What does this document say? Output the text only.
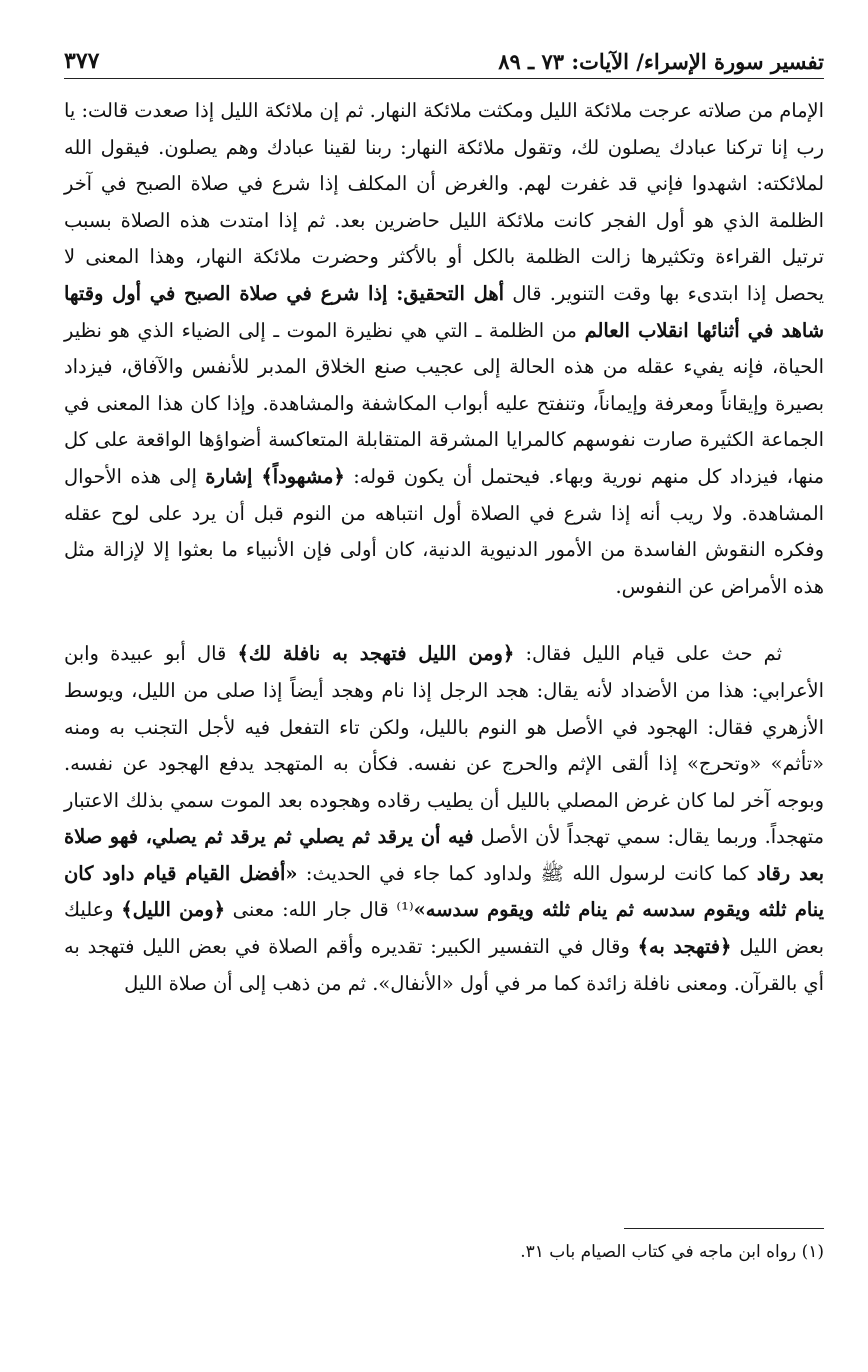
تفسير سورة الإسراء/ الآيات: ٧٣ ـ ٨٩
٣٧٧

الإمام من صلاته عرجت ملائكة الليل ومكثت ملائكة النهار. ثم إن ملائكة الليل إذا صعدت قالت: يا رب إنا تركنا عبادك يصلون لك، وتقول ملائكة النهار: ربنا لقينا عبادك وهم يصلون. فيقول الله لملائكته: اشهدوا فإني قد غفرت لهم. والغرض أن المكلف إذا شرع في صلاة الصبح في آخر الظلمة الذي هو أول الفجر كانت ملائكة الليل حاضرين بعد. ثم إذا امتدت هذه الصلاة بسبب ترتيل القراءة وتكثيرها زالت الظلمة بالكل أو بالأكثر وحضرت ملائكة النهار، وهذا المعنى لا يحصل إذا ابتدىء بها وقت التنوير. قال أهل التحقيق: إذا شرع في صلاة الصبح في أول وقتها شاهد في أثنائها انقلاب العالم من الظلمة ـ التي هي نظيرة الموت ـ إلى الضياء الذي هو نظير الحياة، فإنه يفيء عقله من هذه الحالة إلى عجيب صنع الخلاق المدبر للأنفس والآفاق، فيزداد بصيرة وإيقاناً ومعرفة وإيماناً، وتنفتح عليه أبواب المكاشفة والمشاهدة. وإذا كان هذا المعنى في الجماعة الكثيرة صارت نفوسهم كالمرايا المشرقة المتقابلة المتعاكسة أضواؤها الواقعة على كل منها، فيزداد كل منهم نورية وبهاء. فيحتمل أن يكون قوله: ﴿مشهوداً﴾ إشارة إلى هذه الأحوال المشاهدة. ولا ريب أنه إذا شرع في الصلاة أول انتباهه من النوم قبل أن يرد على لوح عقله وفكره النقوش الفاسدة من الأمور الدنيوية الدنية، كان أولى فإن الأنبياء ما بعثوا إلا لإزالة مثل هذه الأمراض عن النفوس.

ثم حث على قيام الليل فقال: ﴿ومن الليل فتهجد به نافلة لك﴾ قال أبو عبيدة وابن الأعرابي: هذا من الأضداد لأنه يقال: هجد الرجل إذا نام وهجد أيضاً إذا صلى من الليل، ويوسط الأزهري فقال: الهجود في الأصل هو النوم بالليل، ولكن تاء التفعل فيه لأجل التجنب به ومنه «تأثم» «وتحرج» إذا ألقى الإثم والحرج عن نفسه. فكأن به المتهجد يدفع الهجود عن نفسه. وبوجه آخر لما كان غرض المصلي بالليل أن يطيب رقاده وهجوده بعد الموت سمي بذلك الاعتبار متهجداً. وربما يقال: سمي تهجداً لأن الأصل فيه أن يرقد ثم يصلي ثم يرقد ثم يصلي، فهو صلاة بعد رقاد كما كانت لرسول الله ﷺ ولداود كما جاء في الحديث: «أفضل القيام قيام داود كان ينام ثلثه ويقوم سدسه ثم ينام ثلثه ويقوم سدسه»⁽¹⁾ قال جار الله: معنى ﴿ومن الليل﴾ وعليك بعض الليل ﴿فتهجد به﴾ وقال في التفسير الكبير: تقديره وأقم الصلاة في بعض الليل فتهجد به أي بالقرآن. ومعنى نافلة زائدة كما مر في أول «الأنفال». ثم من ذهب إلى أن صلاة الليل

(١) رواه ابن ماجه في كتاب الصيام باب ٣١.
